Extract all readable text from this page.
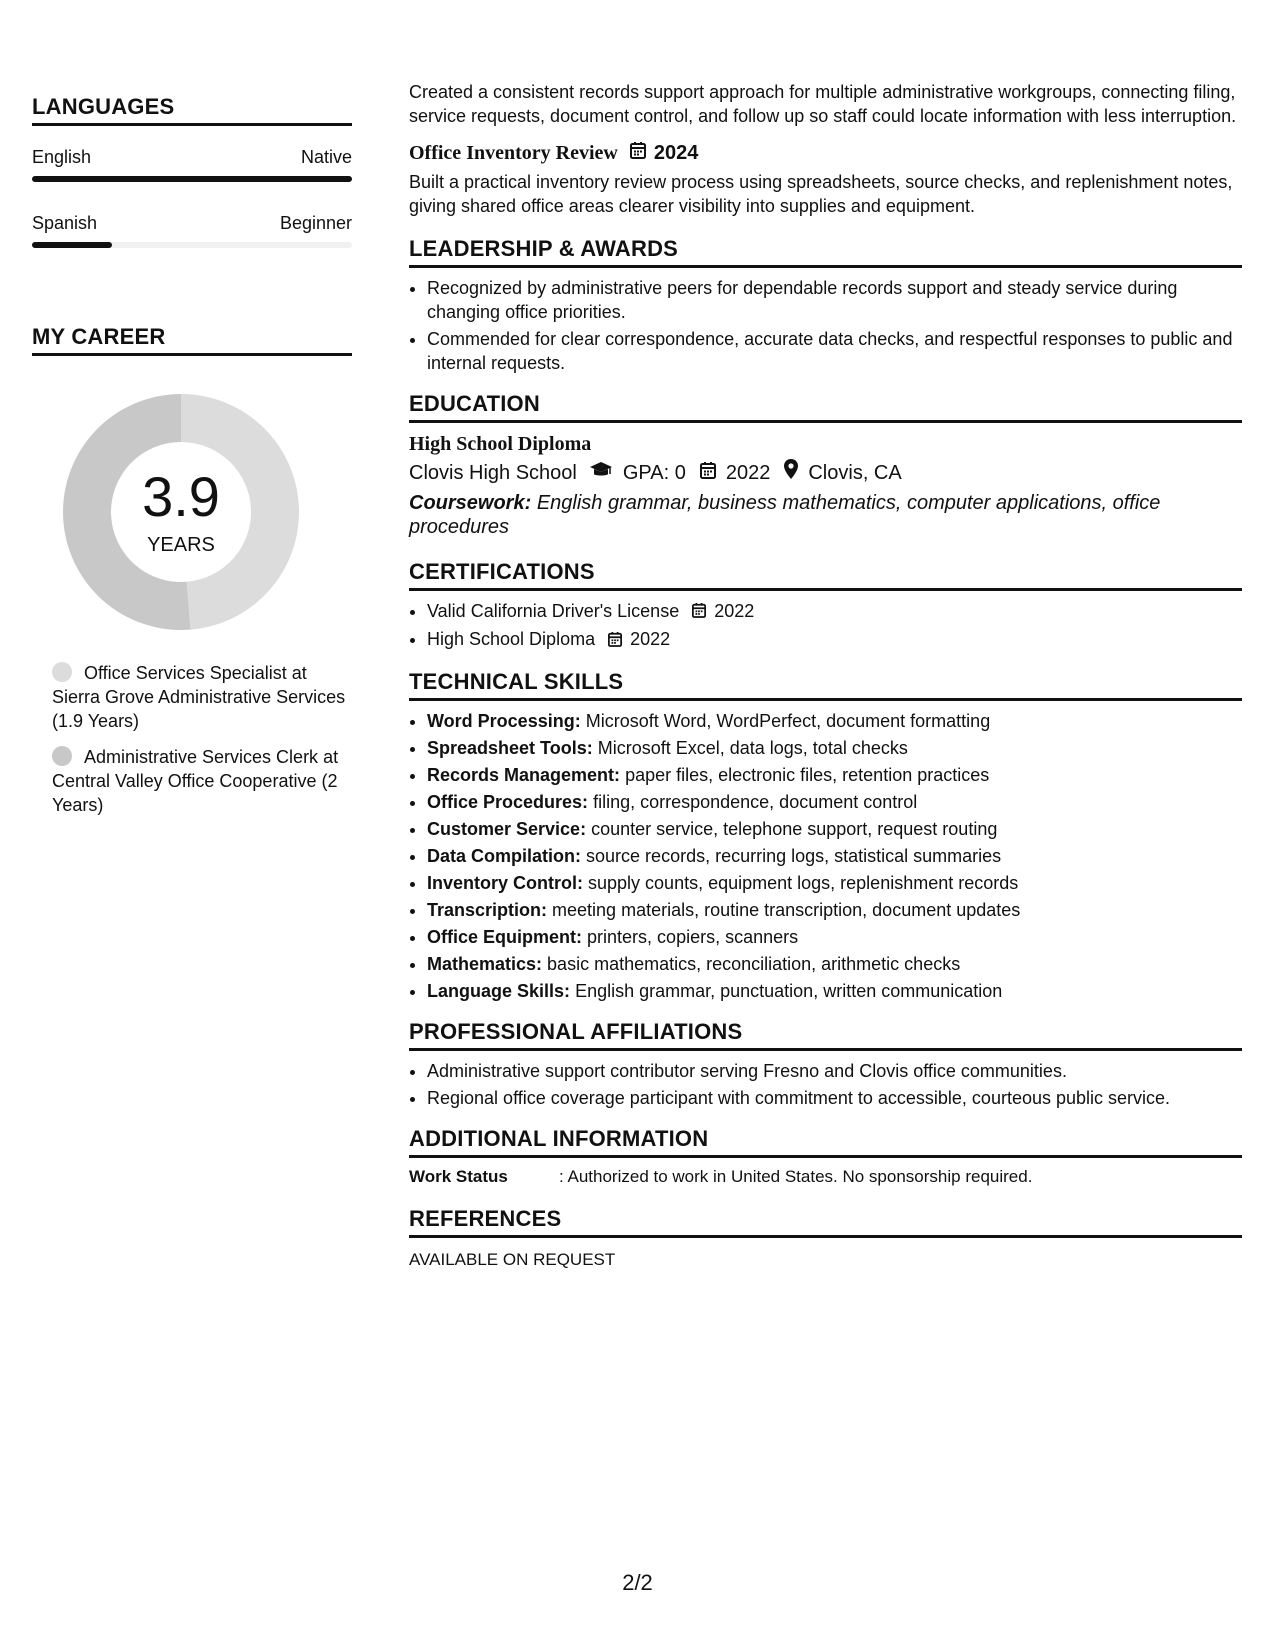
LANGUAGES
English	Native
Spanish	Beginner
MY CAREER
3.9
YEARS
Office Services Specialist at Sierra Grove Administrative Services (1.9 Years)
Administrative Services Clerk at Central Valley Office Cooperative (2 Years)
Created a consistent records support approach for multiple administrative workgroups, connecting filing, service requests, document control, and follow up so staff could locate information with less interruption.
Office Inventory Review 2024
Built a practical inventory review process using spreadsheets, source checks, and replenishment notes, giving shared office areas clearer visibility into supplies and equipment.
LEADERSHIP & AWARDS
• Recognized by administrative peers for dependable records support and steady service during changing office priorities.
• Commended for clear correspondence, accurate data checks, and respectful responses to public and internal requests.
EDUCATION
High School Diploma
Clovis High School GPA: 0 2022 Clovis, CA
Coursework: English grammar, business mathematics, computer applications, office procedures
CERTIFICATIONS
• Valid California Driver's License 2022
• High School Diploma 2022
TECHNICAL SKILLS
• Word Processing: Microsoft Word, WordPerfect, document formatting
• Spreadsheet Tools: Microsoft Excel, data logs, total checks
• Records Management: paper files, electronic files, retention practices
• Office Procedures: filing, correspondence, document control
• Customer Service: counter service, telephone support, request routing
• Data Compilation: source records, recurring logs, statistical summaries
• Inventory Control: supply counts, equipment logs, replenishment records
• Transcription: meeting materials, routine transcription, document updates
• Office Equipment: printers, copiers, scanners
• Mathematics: basic mathematics, reconciliation, arithmetic checks
• Language Skills: English grammar, punctuation, written communication
PROFESSIONAL AFFILIATIONS
• Administrative support contributor serving Fresno and Clovis office communities.
• Regional office coverage participant with commitment to accessible, courteous public service.
ADDITIONAL INFORMATION
Work Status	: Authorized to work in United States. No sponsorship required.
REFERENCES
AVAILABLE ON REQUEST
2/2
